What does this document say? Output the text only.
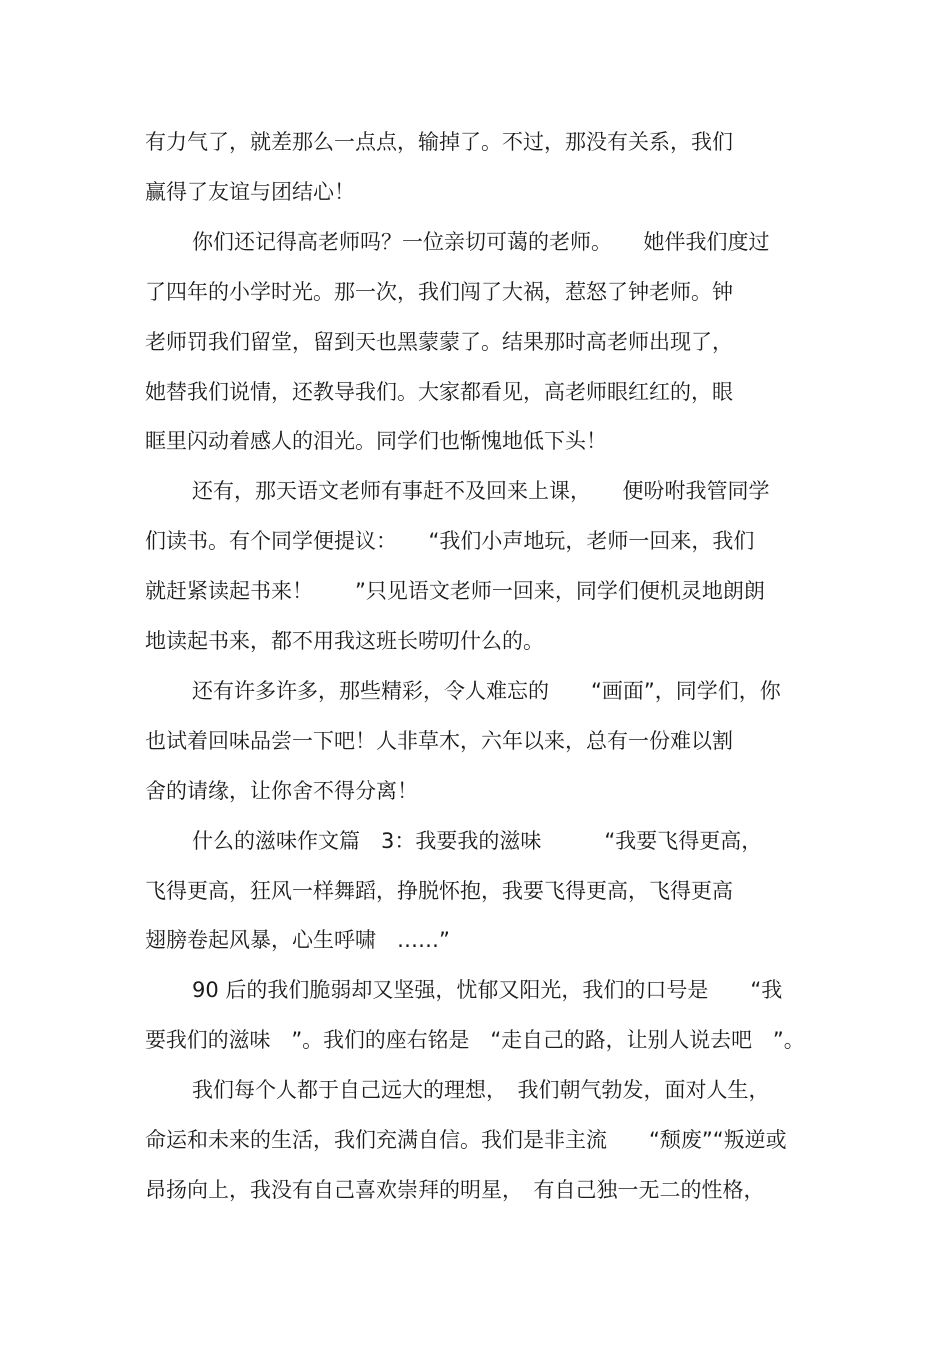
有力气了，就差那么一点点，输掉了。不过，那没有关系，我们
赢得了友谊与团结心！
你们还记得高老师吗？一位亲切可蔼的老师。　　她伴我们度过
了四年的小学时光。那一次，我们闯了大祸，惹怒了钟老师。钟
老师罚我们留堂，留到天也黑蒙蒙了。结果那时高老师出现了，
她替我们说情，还教导我们。大家都看见，高老师眼红红的，眼
眶里闪动着感人的泪光。同学们也惭愧地低下头！
还有，那天语文老师有事赶不及回来上课，　　便吩咐我管同学
们读书。有个同学便提议：　　“我们小声地玩，老师一回来，我们
就赶紧读起书来！　　”只见语文老师一回来，同学们便机灵地朗朗
地读起书来，都不用我这班长唠叨什么的。
还有许多许多，那些精彩，令人难忘的　　“画面”，同学们，你
也试着回味品尝一下吧！人非草木，六年以来，总有一份难以割
舍的请缘，让你舍不得分离！
什么的滋味作文篇　3：我要我的滋味　　　“我要飞得更高，
飞得更高，狂风一样舞蹈，挣脱怀抱，我要飞得更高，飞得更高
翅膀卷起风暴，心生呼啸　……”
90 后的我们脆弱却又坚强，忧郁又阳光，我们的口号是　　“我
要我们的滋味　”。我们的座右铭是　“走自己的路，让别人说去吧　”。
我们每个人都于自己远大的理想，　我们朝气勃发，面对人生，
命运和未来的生活，我们充满自信。我们是非主流　　“颓废”“叛逆或
昂扬向上，我没有自己喜欢崇拜的明星，　有自己独一无二的性格，
